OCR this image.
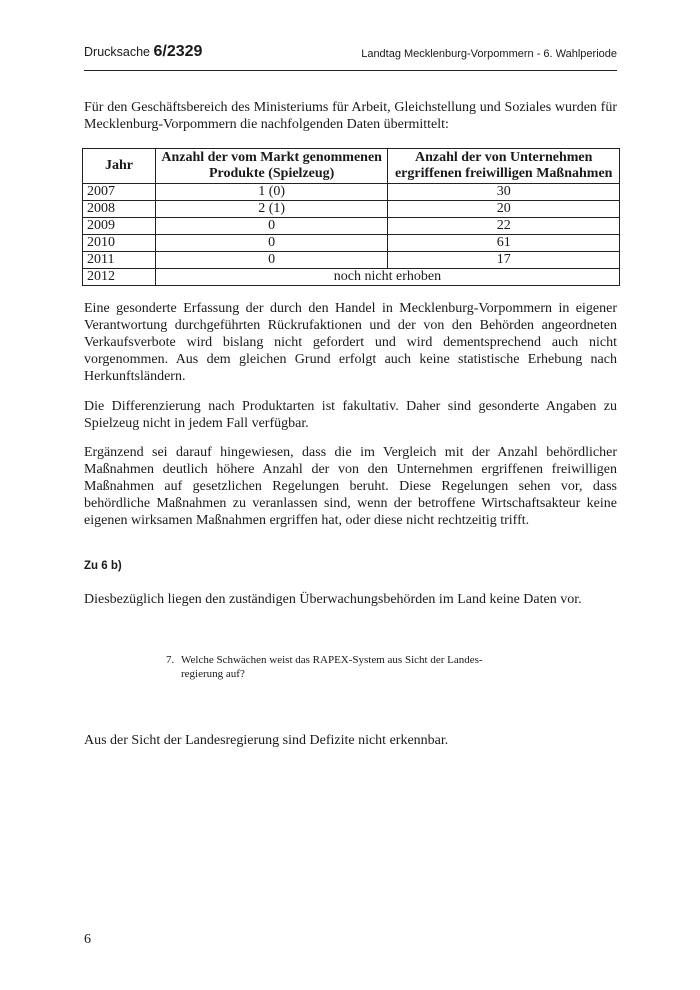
Drucksache 6/2329	Landtag Mecklenburg-Vorpommern - 6. Wahlperiode

Für den Geschäftsbereich des Ministeriums für Arbeit, Gleichstellung und Soziales wurden für Mecklenburg-Vorpommern die nachfolgenden Daten übermittelt:

Jahr	Anzahl der vom Markt genommenen Produkte (Spielzeug)	Anzahl der von Unternehmen ergriffenen freiwilligen Maßnahmen
2007	1 (0)	30
2008	2 (1)	20
2009	0	22
2010	0	61
2011	0	17
2012	noch nicht erhoben	

Eine gesonderte Erfassung der durch den Handel in Mecklenburg-Vorpommern in eigener Verantwortung durchgeführten Rückrufaktionen und der von den Behörden angeordneten Verkaufsverbote wird bislang nicht gefordert und wird dementsprechend auch nicht vorgenommen. Aus dem gleichen Grund erfolgt auch keine statistische Erhebung nach Herkunftsländern.

Die Differenzierung nach Produktarten ist fakultativ. Daher sind gesonderte Angaben zu Spielzeug nicht in jedem Fall verfügbar.

Ergänzend sei darauf hingewiesen, dass die im Vergleich mit der Anzahl behördlicher Maßnahmen deutlich höhere Anzahl der von den Unternehmen ergriffenen freiwilligen Maßnahmen auf gesetzlichen Regelungen beruht. Diese Regelungen sehen vor, dass behördliche Maßnahmen zu veranlassen sind, wenn der betroffene Wirtschaftsakteur keine eigenen wirksamen Maßnahmen ergriffen hat, oder diese nicht rechtzeitig trifft.

Zu 6 b)

Diesbezüglich liegen den zuständigen Überwachungsbehörden im Land keine Daten vor.

7. Welche Schwächen weist das RAPEX-System aus Sicht der Landes-regierung auf?

Aus der Sicht der Landesregierung sind Defizite nicht erkennbar.

6
